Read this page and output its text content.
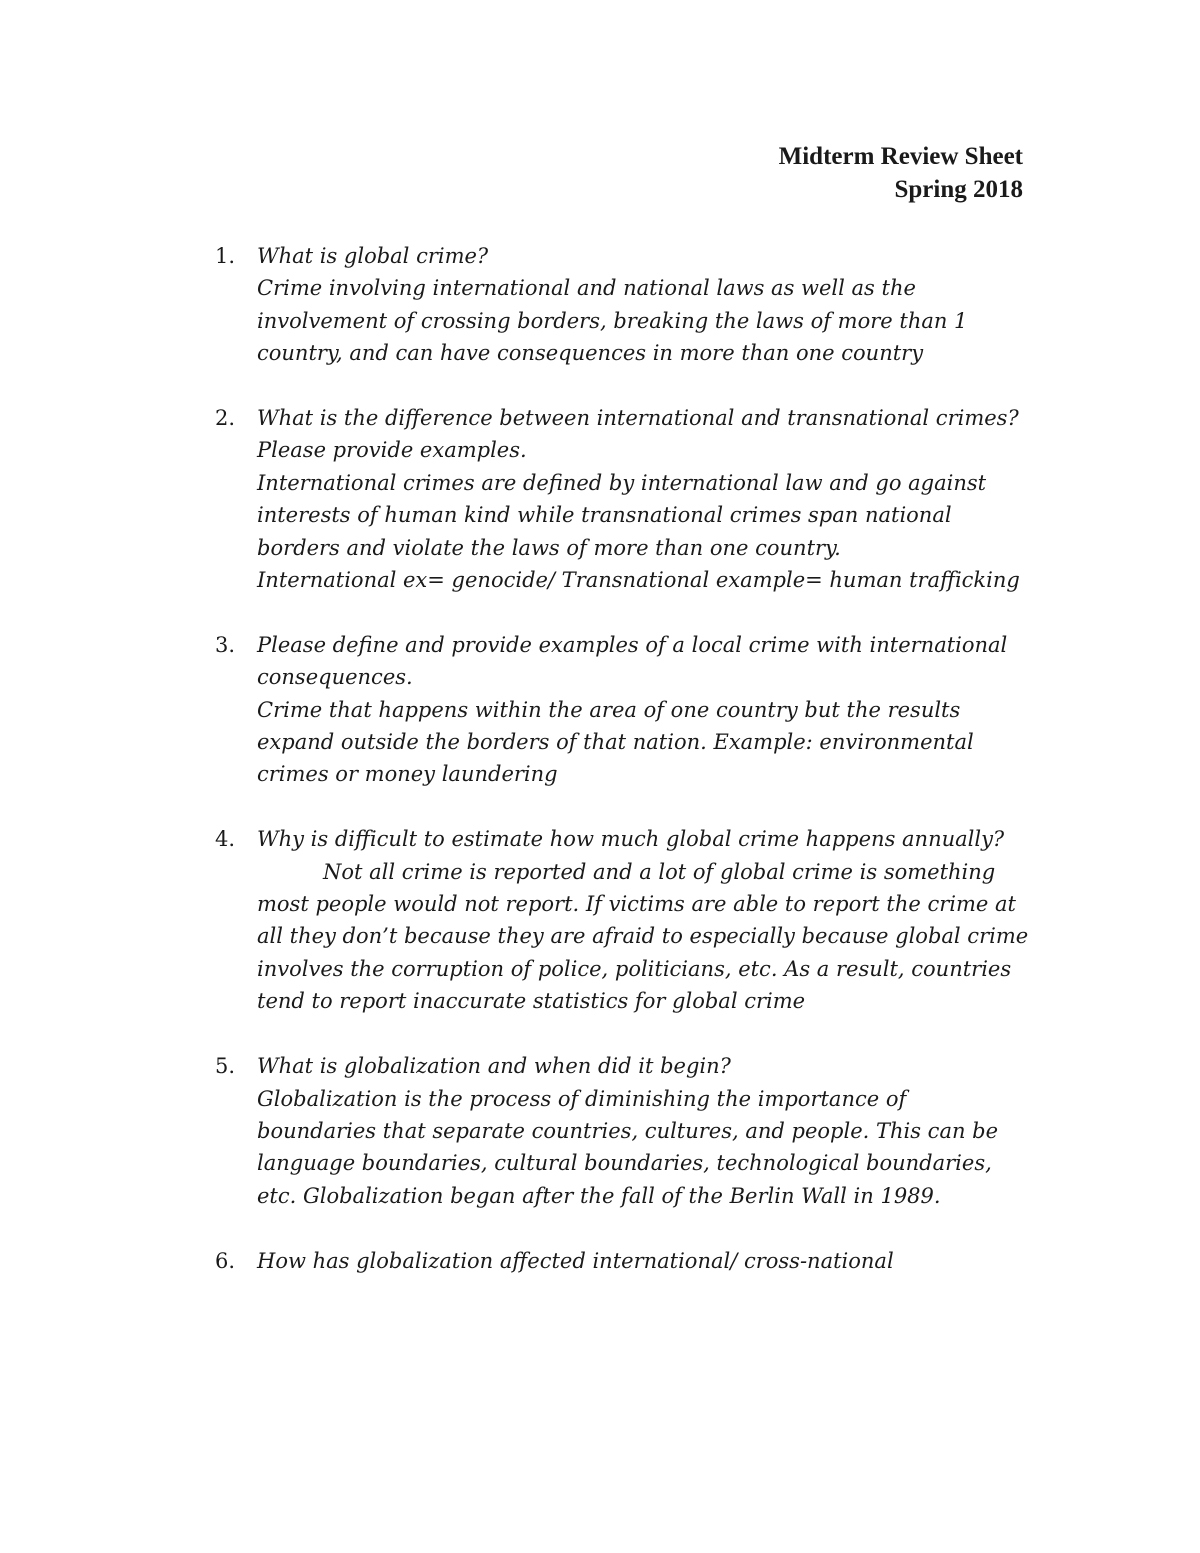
Midterm Review Sheet
Spring 2018
1. What is global crime?
Crime involving international and national laws as well as the involvement of crossing borders, breaking the laws of more than 1 country, and can have consequences in more than one country
2. What is the difference between international and transnational crimes? Please provide examples.
International crimes are defined by international law and go against interests of human kind while transnational crimes span national borders and violate the laws of more than one country.
International ex= genocide/ Transnational example= human trafficking
3. Please define and provide examples of a local crime with international consequences.
Crime that happens within the area of one country but the results expand outside the borders of that nation. Example: environmental crimes or money laundering
4. Why is difficult to estimate how much global crime happens annually?
Not all crime is reported and a lot of global crime is something most people would not report. If victims are able to report the crime at all they don’t because they are afraid to especially because global crime involves the corruption of police, politicians, etc. As a result, countries tend to report inaccurate statistics for global crime
5. What is globalization and when did it begin?
Globalization is the process of diminishing the importance of boundaries that separate countries, cultures, and people. This can be language boundaries, cultural boundaries, technological boundaries, etc. Globalization began after the fall of the Berlin Wall in 1989.
6. How has globalization affected international/ cross-national
